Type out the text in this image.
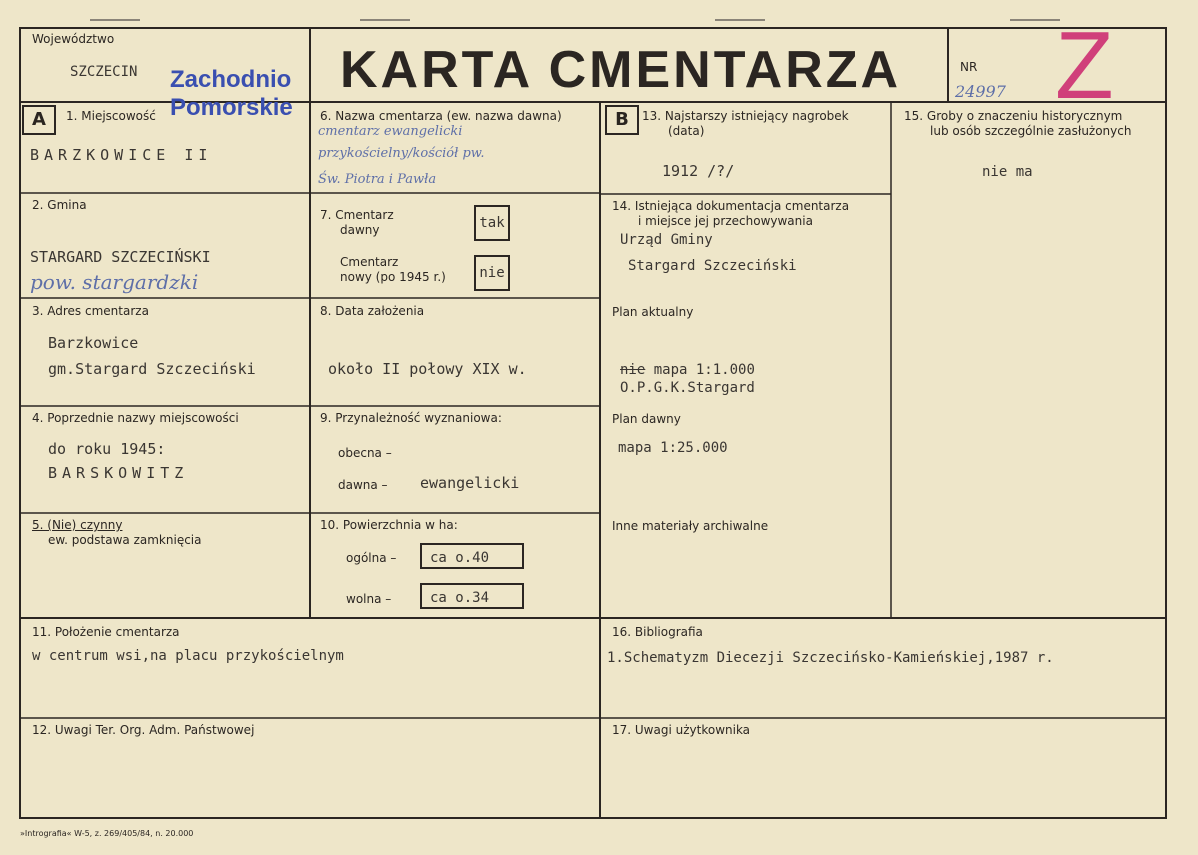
Województwo
SZCZECIN Zachodnio
Pomorskie
KARTA CMENTARZA	NR
24997 Z
A	1. Miejscowość
BARZKOWICE II
2. Gmina
STARGARD SZCZECIŃSKI
pow. stargardzki
3. Adres cmentarza
Barzkowice
gm.Stargard Szczeciński
4. Poprzednie nazwy miejscowości
do roku 1945:
BARSKOWITZ
5. (Nie) czynny
ew. podstawa zamknięcia
6. Nazwa cmentarza (ew. nazwa dawna)
cmentarz ewangelicki
przykościelny/kościół pw.
Św. Piotra i Pawła
7. Cmentarz
dawny	tak
Cmentarz
nowy (po 1945 r.)	nie
8. Data założenia
około II połowy XIX w.
9. Przynależność wyznaniowa:
obecna –
dawna – ewangelicki
10. Powierzchnia w ha:
ogólna –	ca o.40
wolna –	ca o.34
B	13. Najstarszy istniejący nagrobek
(data)
1912 /?/
14. Istniejąca dokumentacja cmentarza
i miejsce jej przechowywania
Urząd Gminy
Stargard Szczeciński
Plan aktualny
nie mapa 1:1.000
O.P.G.K.Stargard
Plan dawny
mapa 1:25.000
Inne materiały archiwalne
15. Groby o znaczeniu historycznym
lub osób szczególnie zasłużonych
nie ma
11. Położenie cmentarza
w centrum wsi,na placu przykościelnym
16. Bibliografia
1.Schematyzm Diecezji Szczecińsko-Kamieńskiej,1987 r.
12. Uwagi Ter. Org. Adm. Państwowej	17. Uwagi użytkownika
»Intrografia« W-5, z. 269/405/84, n. 20.000
